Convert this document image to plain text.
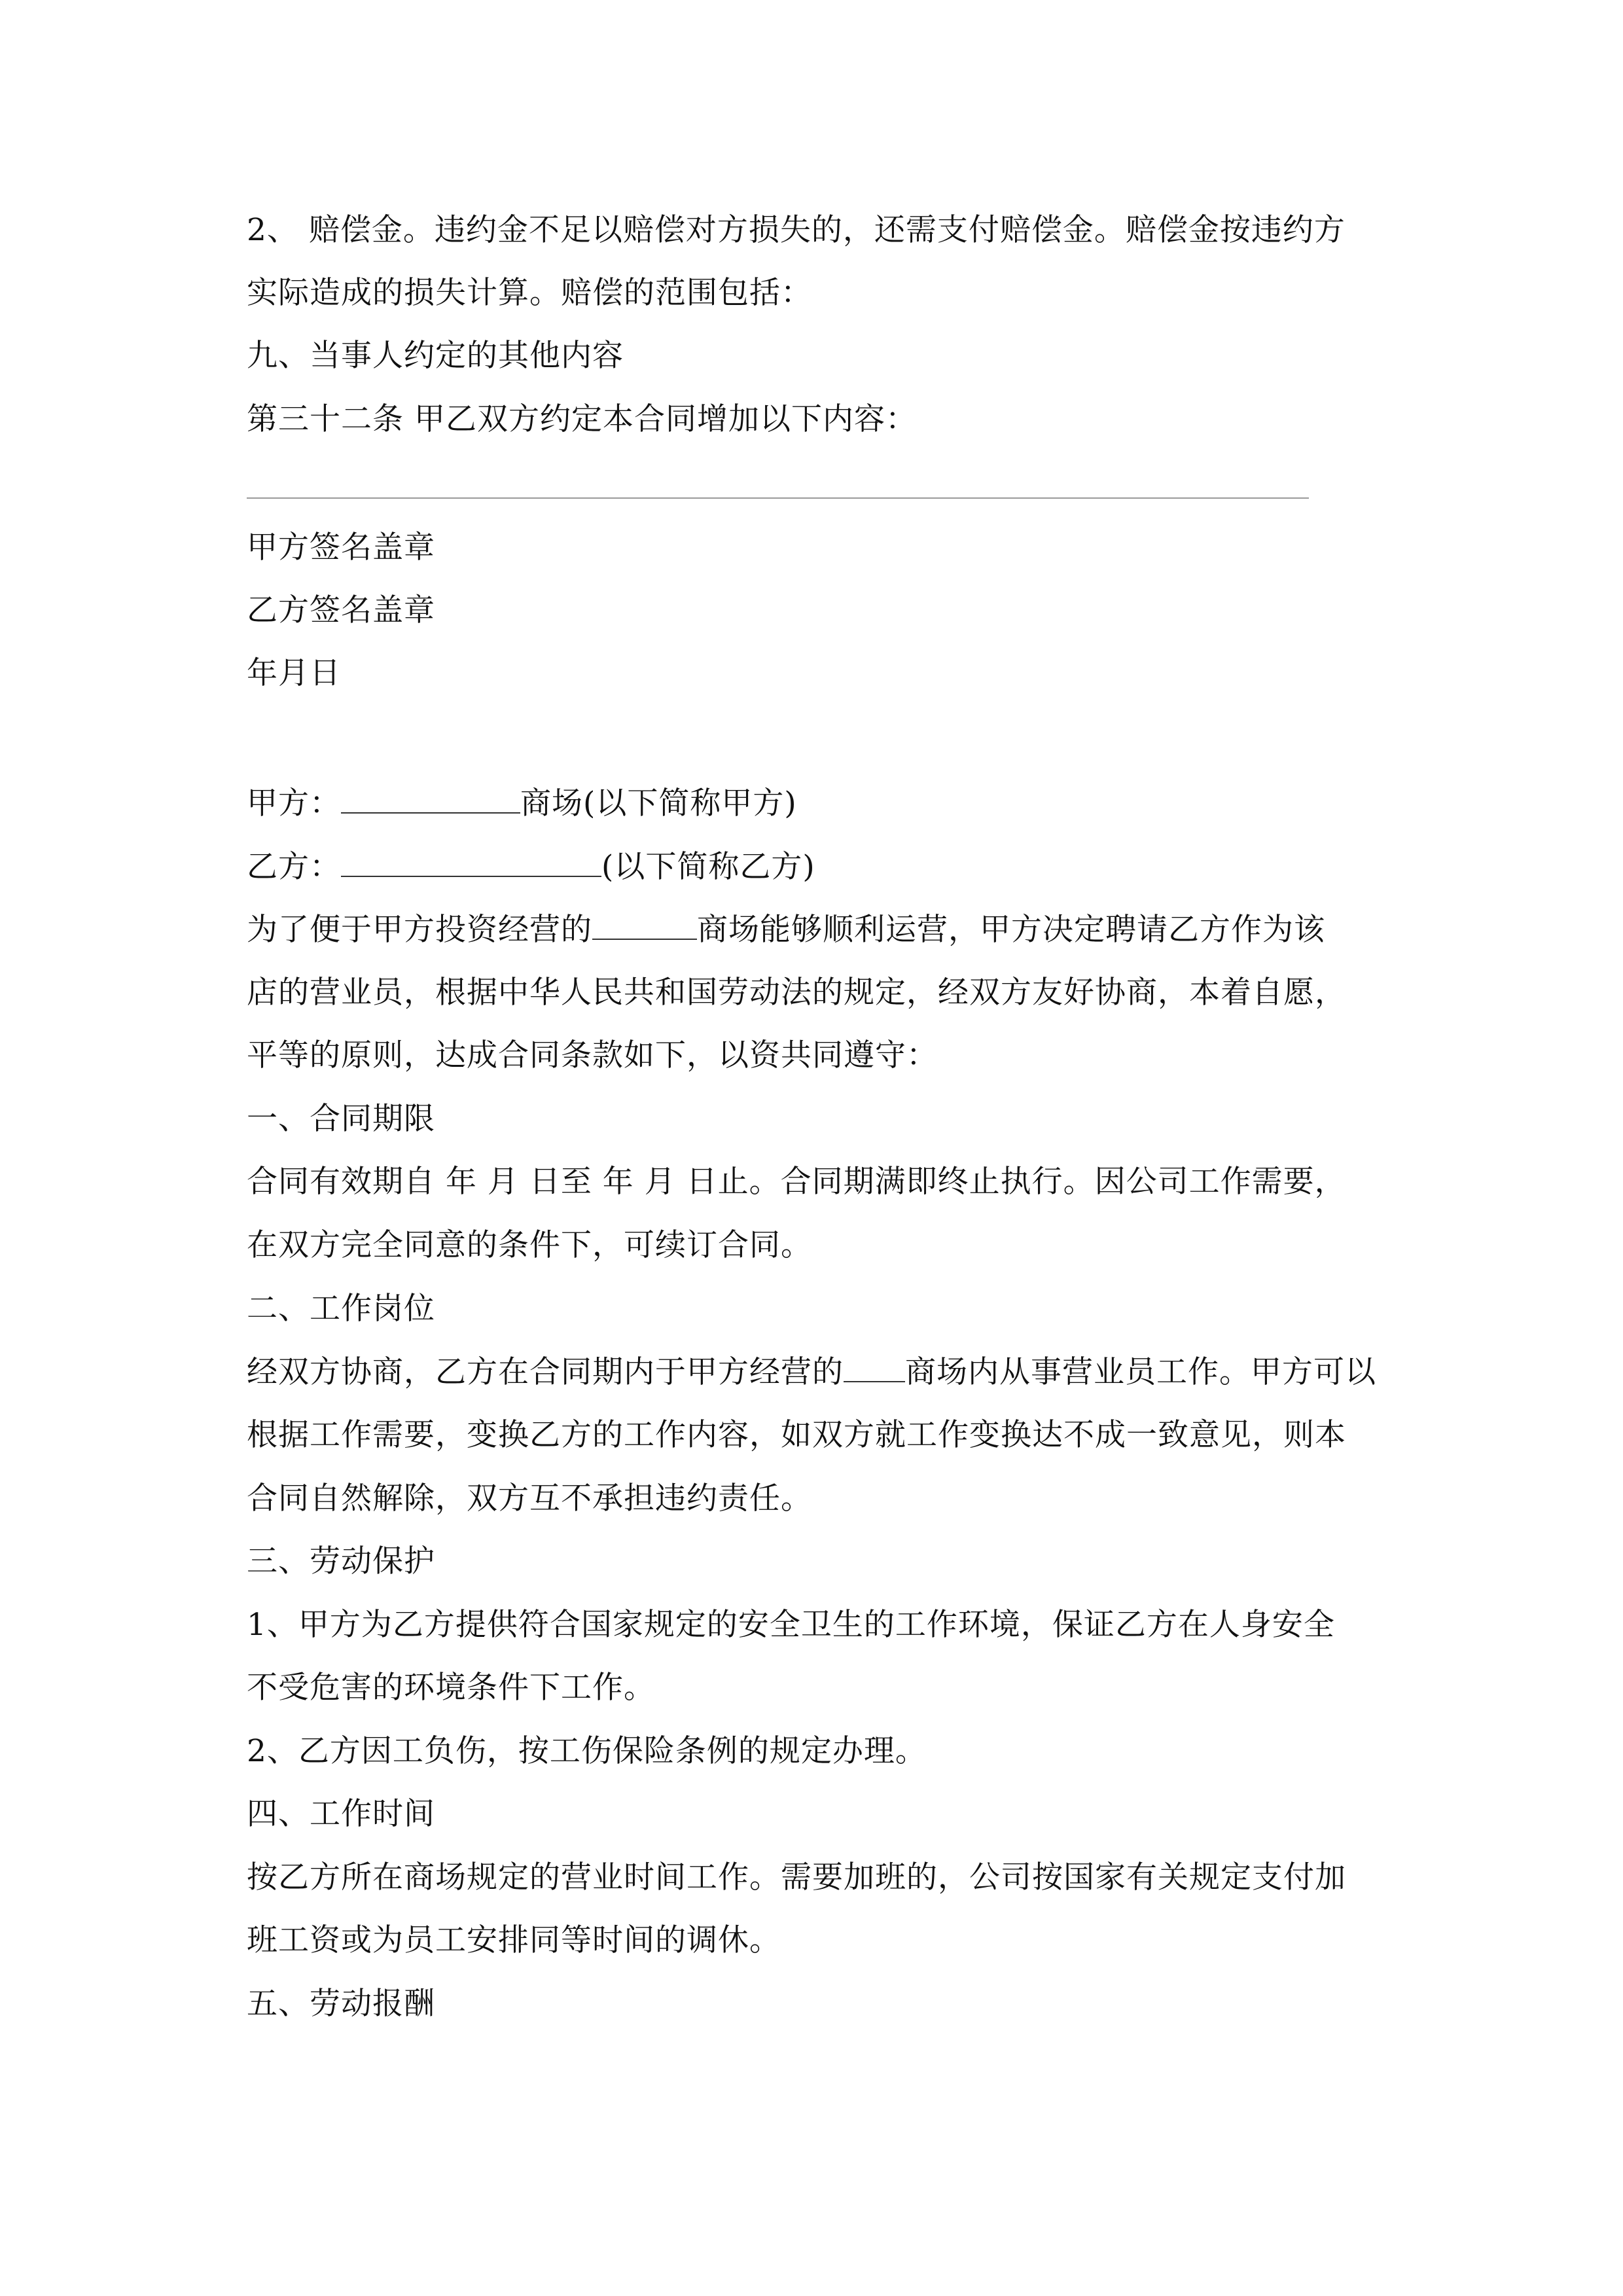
2、 赔偿金。违约金不足以赔偿对方损失的，还需支付赔偿金。赔偿金按违约方
实际造成的损失计算。赔偿的范围包括：
九、当事人约定的其他内容
第三十二条 甲乙双方约定本合同增加以下内容：
甲方签名盖章
乙方签名盖章
年月日
甲方：	商场(以下简称甲方)
乙方：	(以下简称乙方)
为了便于甲方投资经营的	商场能够顺利运营，甲方决定聘请乙方作为该
店的营业员，根据中华人民共和国劳动法的规定，经双方友好协商，本着自愿，
平等的原则，达成合同条款如下，以资共同遵守：
一、合同期限
合同有效期自 年 月 日至 年 月 日止。合同期满即终止执行。因公司工作需要，
在双方完全同意的条件下，可续订合同。
二、工作岗位
经双方协商，乙方在合同期内于甲方经营的 商场内从事营业员工作。甲方可以
根据工作需要，变换乙方的工作内容，如双方就工作变换达不成一致意见，则本
合同自然解除，双方互不承担违约责任。
三、劳动保护
1、甲方为乙方提供符合国家规定的安全卫生的工作环境，保证乙方在人身安全
不受危害的环境条件下工作。
2、乙方因工负伤，按工伤保险条例的规定办理。
四、工作时间
按乙方所在商场规定的营业时间工作。需要加班的，公司按国家有关规定支付加
班工资或为员工安排同等时间的调休。
五、劳动报酬
